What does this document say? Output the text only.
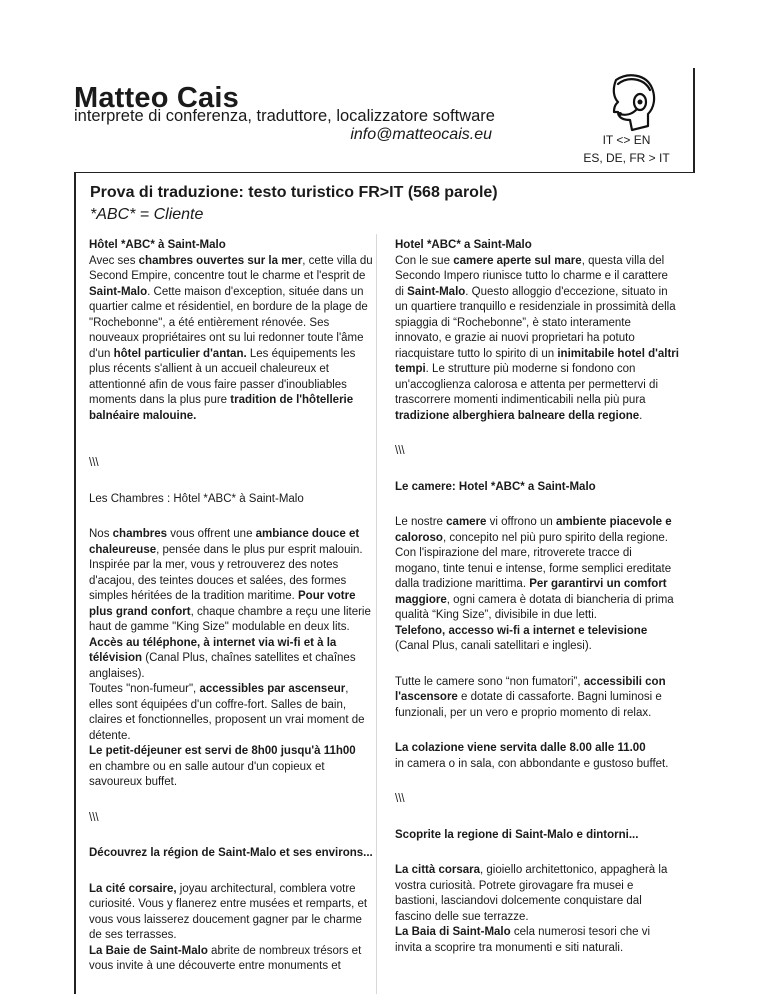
Matteo Cais
interprete di conferenza, traduttore, localizzatore software
info@matteocais.eu	IT <> EN
ES, DE, FR > IT
Prova di traduzione: testo turistico FR>IT (568 parole)
*ABC* = Cliente

Hôtel *ABC* à Saint-Malo
Avec ses chambres ouvertes sur la mer, cette villa du Second Empire, concentre tout le charme et l'esprit de Saint-Malo. Cette maison d'exception, située dans un quartier calme et résidentiel, en bordure de la plage de "Rochebonne", a été entièrement rénovée. Ses nouveaux propriétaires ont su lui redonner toute l'âme d'un hôtel particulier d'antan. Les équipements les plus récents s'allient à un accueil chaleureux et attentionné afin de vous faire passer d'inoubliables moments dans la plus pure tradition de l'hôtellerie balnéaire malouine.

\\\

Les Chambres : Hôtel *ABC* à Saint-Malo

Nos chambres vous offrent une ambiance douce et chaleureuse, pensée dans le plus pur esprit malouin. Inspirée par la mer, vous y retrouverez des notes d'acajou, des teintes douces et salées, des formes simples héritées de la tradition maritime. Pour votre plus grand confort, chaque chambre a reçu une literie haut de gamme "King Size" modulable en deux lits.
Accès au téléphone, à internet via wi-fi et à la télévision (Canal Plus, chaînes satellites et chaînes anglaises).
Toutes "non-fumeur", accessibles par ascenseur, elles sont équipées d'un coffre-fort. Salles de bain, claires et fonctionnelles, proposent un vrai moment de détente.
Le petit-déjeuner est servi de 8h00 jusqu'à 11h00
en chambre ou en salle autour d'un copieux et savoureux buffet.

\\\

Découvrez la région de Saint-Malo et ses environs...

La cité corsaire, joyau architectural, comblera votre curiosité. Vous y flanerez entre musées et remparts, et vous vous laisserez doucement gagner par le charme de ses terrasses.
La Baie de Saint-Malo abrite de nombreux trésors et vous invite à une découverte entre monuments et

Hotel *ABC* a Saint-Malo
Con le sue camere aperte sul mare, questa villa del Secondo Impero riunisce tutto lo charme e il carattere di Saint-Malo. Questo alloggio d'eccezione, situato in un quartiere tranquillo e residenziale in prossimità della spiaggia di “Rochebonne”, è stato interamente innovato, e grazie ai nuovi proprietari ha potuto riacquistare tutto lo spirito di un inimitabile hotel d'altri tempi. Le strutture più moderne si fondono con un'accoglienza calorosa e attenta per permettervi di trascorrere momenti indimenticabili nella più pura tradizione alberghiera balneare della regione.

\\\

Le camere: Hotel *ABC* a Saint-Malo

Le nostre camere vi offrono un ambiente piacevole e caloroso, concepito nel più puro spirito della regione. Con l'ispirazione del mare, ritroverete tracce di mogano, tinte tenui e intense, forme semplici ereditate dalla tradizione marittima. Per garantirvi un comfort maggiore, ogni camera è dotata di biancheria di prima qualità “King Size”, divisibile in due letti.
Telefono, accesso wi-fi a internet e televisione
(Canal Plus, canali satellitari e inglesi).

Tutte le camere sono “non fumatori”, accessibili con l'ascensore e dotate di cassaforte. Bagni luminosi e funzionali, per un vero e proprio momento di relax.

La colazione viene servita dalle 8.00 alle 11.00
in camera o in sala, con abbondante e gustoso buffet.

\\\

Scoprite la regione di Saint-Malo e dintorni...

La città corsara, gioiello architettonico, appagherà la vostra curiosità. Potrete girovagare fra musei e bastioni, lasciandovi dolcemente conquistare dal fascino delle sue terrazze.
La Baia di Saint-Malo cela numerosi tesori che vi invita a scoprire tra monumenti e siti naturali.
